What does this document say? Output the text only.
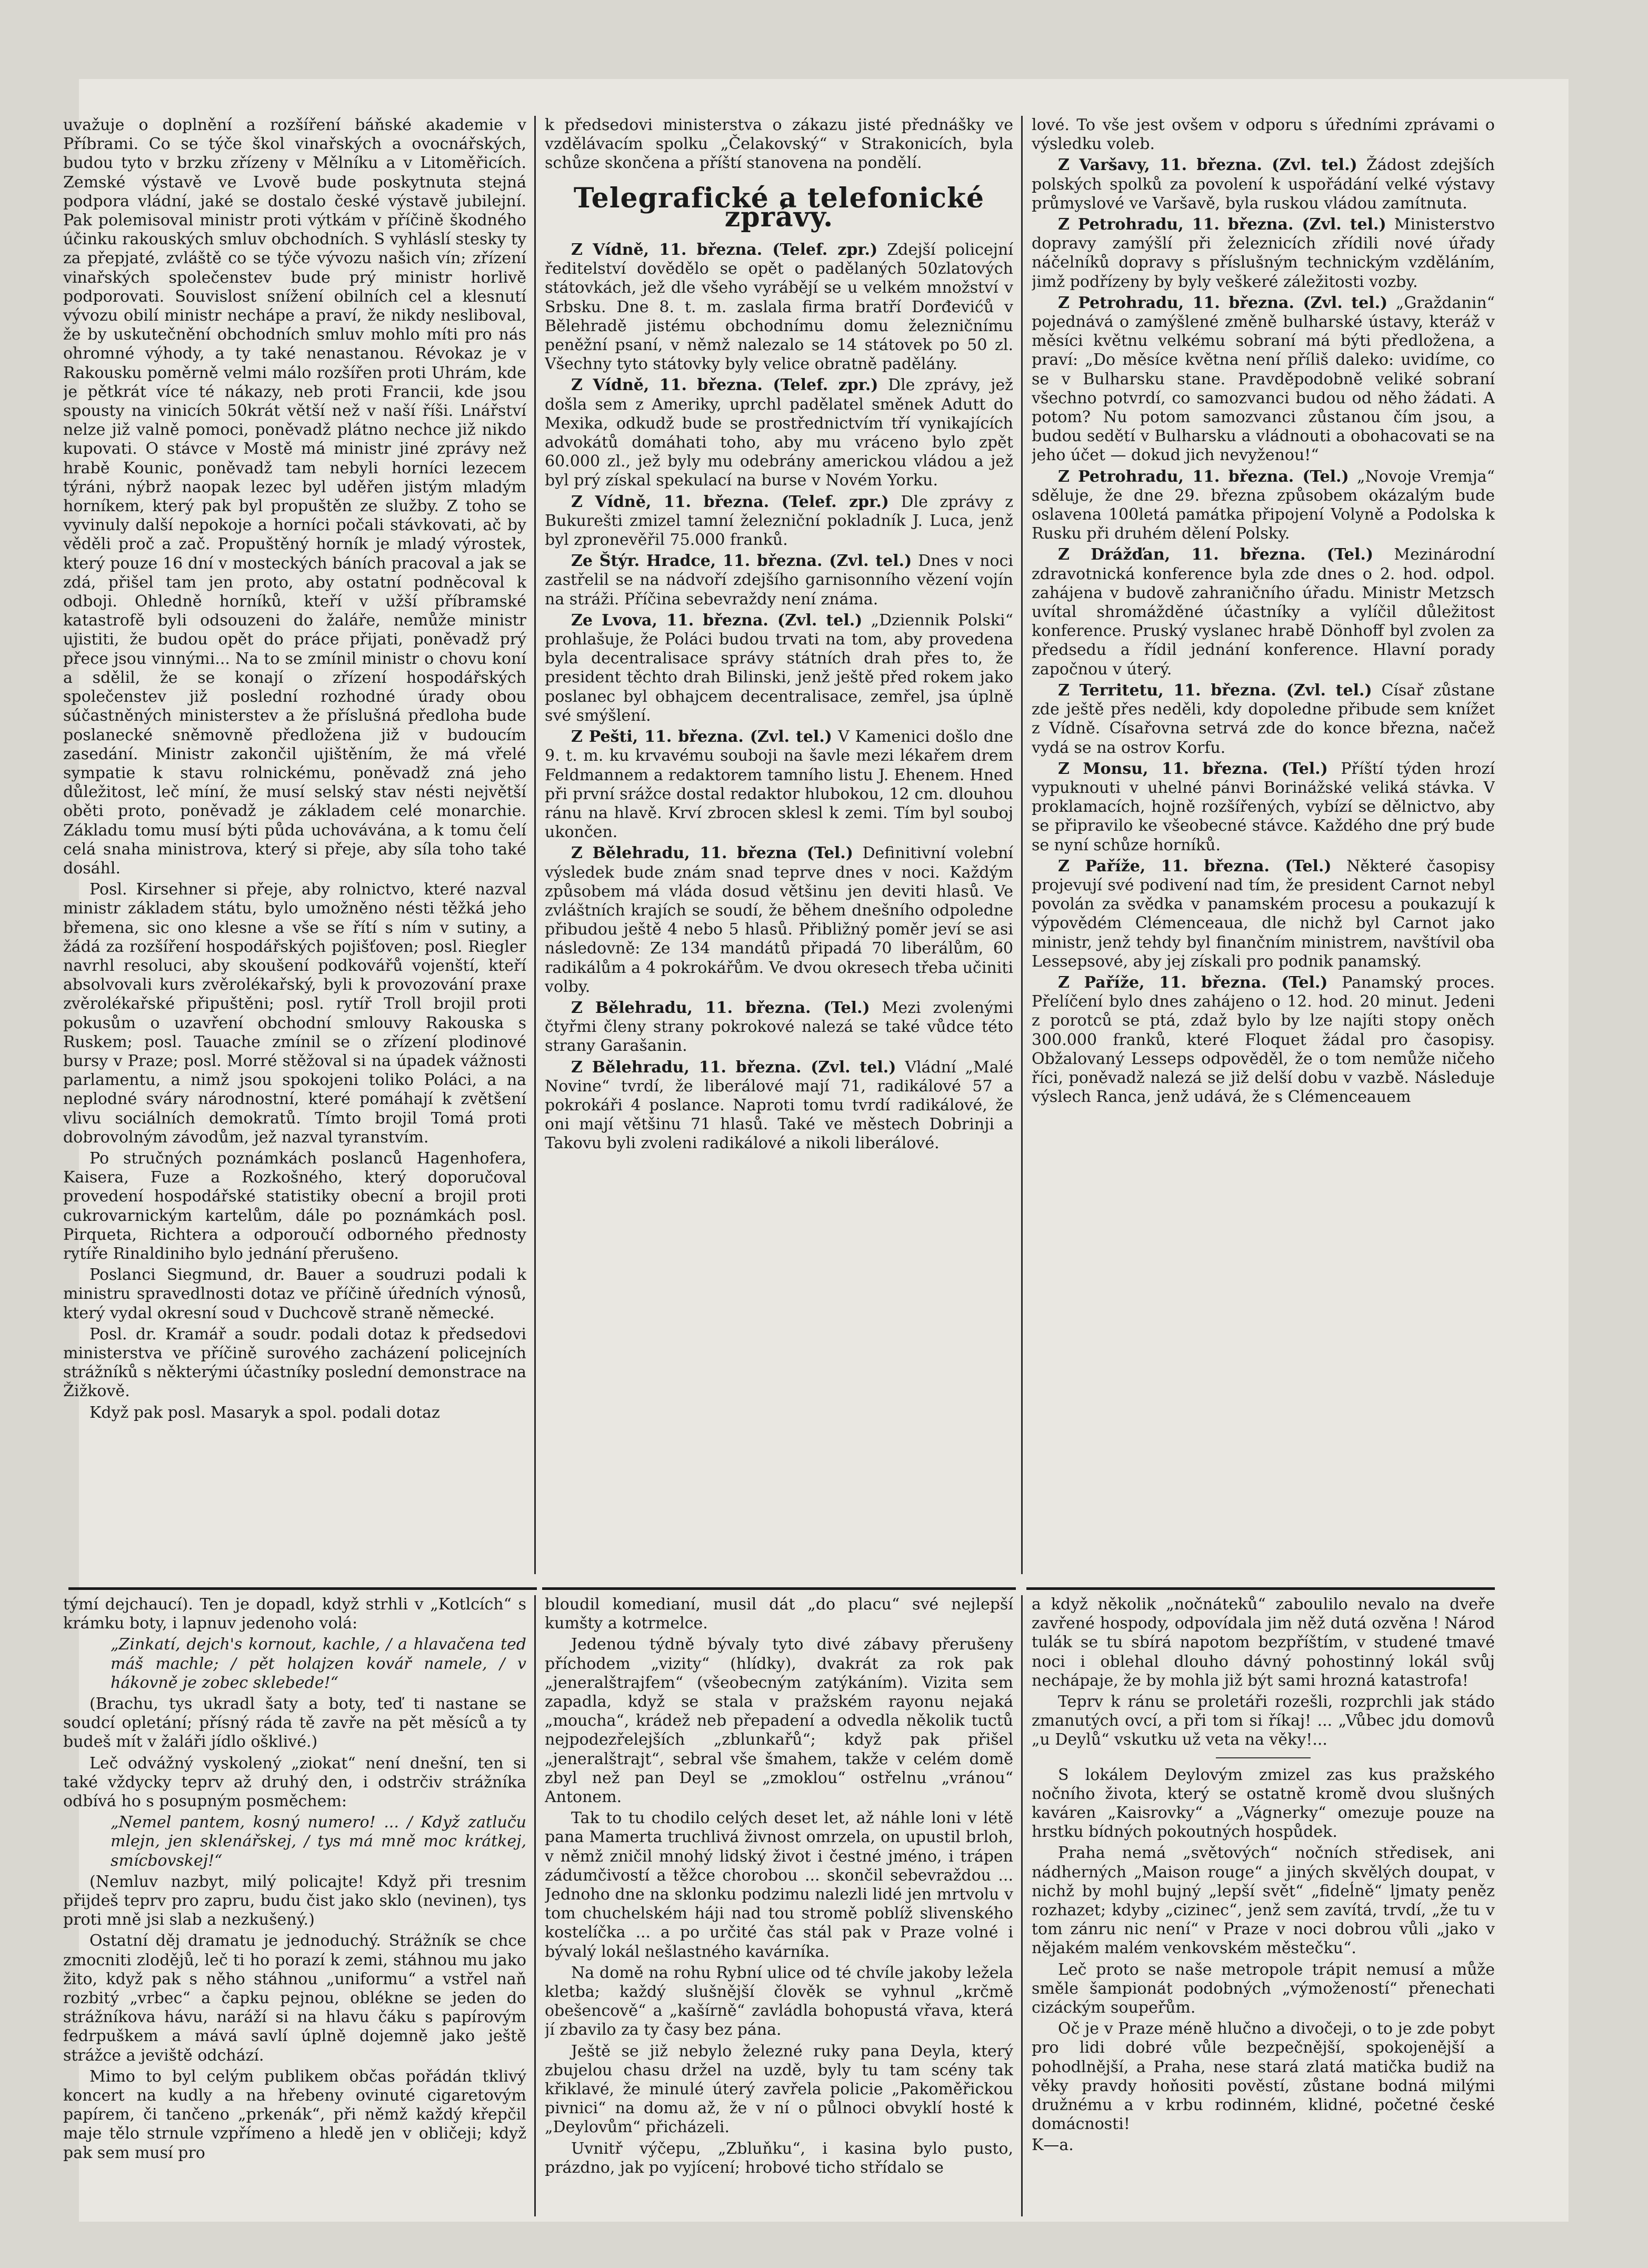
uvažuje o doplnění a rozšíření báňské akademie v Příbrami. Co se týče škol vinařských a ovocnářských, budou tyto v brzku zřízeny v Mělníku a v Litoměřicích. Zemské výstavě ve Lvově bude poskytnuta stejná podpora vládní, jaké se dostalo české výstavě jubilejní. Pak polemisoval ministr proti výtkám v příčině škodného účinku rakouských smluv obchodních. S vyhláslí stesky ty za přepjaté, zvláště co se týče vývozu našich vín; zřízení vinařských společenstev bude prý ministr horlivě podporovati. Souvislost snížení obilních cel a klesnutí vývozu obilí ministr nechápe a praví, že nikdy nesliboval, že by uskutečnění obchodních smluv mohlo míti pro nás ohromné výhody, a ty také nenastanou. Révokaz je v Rakousku poměrně velmi málo rozšířen proti Uhrám, kde je pětkrát více té nákazy, neb proti Francii, kde jsou spousty na vinicích 50krát větší než v naší říši. Lnářství nelze již valně pomoci, poněvadž plátno nechce již nikdo kupovati. O stávce v Mostě má ministr jiné zprávy než hrabě Kounic, poněvadž tam nebyli horníci lezecem týráni, nýbrž naopak lezec byl uděřen jistým mladým horníkem, který pak byl propuštěn ze služby. Z toho se vyvinuly další nepokoje a horníci počali stávkovati, ač by věděli proč a zač. Propuštěný horník je mladý výrostek, který pouze 16 dní v mosteckých báních pracoval a jak se zdá, přišel tam jen proto, aby ostatní podněcoval k odboji. Ohledně horníků, kteří v užší příbramské katastrofě byli odsouzeni do žaláře, nemůže ministr ujistiti, že budou opět do práce přijati, poněvadž prý přece jsou vinnými... Na to se zmínil ministr o chovu koní a sdělil, že se konají o zřízení hospodářských společenstev již poslední rozhodné úrady obou súčastněných ministerstev a že příslušná předloha bude poslanecké sněmovně předložena již v budoucím zasedání. Ministr zakončil ujištěním, že má vřelé sympatie k stavu rolnickému, poněvadž zná jeho důležitost, leč míní, že musí selský stav nésti největší oběti proto, poněvadž je základem celé monarchie. Základu tomu musí býti půda uchovávána, a k tomu čelí celá snaha ministrova, který si přeje, aby síla toho také dosáhl.

Posl. Kirsehner si přeje, aby rolnictvo, které nazval ministr základem státu, bylo umožněno nésti těžká jeho břemena, sic ono klesne a vše se řítí s ním v sutiny, a žádá za rozšíření hospodářských pojišťoven; posl. Riegler navrhl resoluci, aby skoušení podkovářů vojenští, kteří absolvovali kurs zvěrolékařský, byli k provozování praxe zvěrolékařské připuštěni; posl. rytíř Troll brojil proti pokusům o uzavření obchodní smlouvy Rakouska s Ruskem; posl. Tauache zmínil se o zřízení plodinové bursy v Praze; posl. Morré stěžoval si na úpadek vážnosti parlamentu, a nimž jsou spokojeni toliko Poláci, a na neplodné sváry národnostní, které pomáhají k zvětšení vlivu sociálních demokratů. Tímto brojil Tomá proti dobrovolným závodům, jež nazval tyranstvím.

Po stručných poznámkách poslanců Hagenhofera, Kaisera, Fuze a Rozkošného, který doporučoval provedení hospodářské statistiky obecní a brojil proti cukrovarnickým kartelům, dále po poznámkách posl. Pirqueta, Richtera a odporoučí odborného přednosty rytíře Rinaldiniho bylo jednání přerušeno.

Poslanci Siegmund, dr. Bauer a soudruzi podali k ministru spravedlnosti dotaz ve příčině úředních výnosů, který vydal okresní soud v Duchcově straně německé.

Posl. dr. Kramář a soudr. podali dotaz k předsedovi ministerstva ve příčině surového zacházení policejních strážníků s některými účastníky poslední demonstrace na Žižkově.

Když pak posl. Masaryk a spol. podali dotaz

k předsedovi ministerstva o zákazu jisté přednášky ve vzdělávacím spolku „Čelakovský“ v Strakonicích, byla schůze skončena a příští stanovena na pondělí.

Telegrafické a telefonické zprávy.

Z Vídně, 11. března. (Telef. zpr.) Zdejší policejní ředitelství dovědělo se opět o padělaných 50zlatových státovkách, jež dle všeho vyrábějí se u velkém množství v Srbsku. Dne 8. t. m. zaslala firma bratří Dorđevićů v Bělehradě jistému obchodnímu domu železničnímu peněžní psaní, v němž nalezalo se 14 státovek po 50 zl. Všechny tyto státovky byly velice obratně padělány.

Z Vídně, 11. března. (Telef. zpr.) Dle zprávy, jež došla sem z Ameriky, uprchl padělatel směnek Adutt do Mexika, odkudž bude se prostřednictvím tří vynikajících advokátů domáhati toho, aby mu vráceno bylo zpět 60.000 zl., jež byly mu odebrány americkou vládou a jež byl prý získal spekulací na burse v Novém Yorku.

Z Vídně, 11. března. (Telef. zpr.) Dle zprávy z Bukurešti zmizel tamní železniční pokladník J. Luca, jenž byl zpronevěřil 75.000 franků.

Ze Štýr. Hradce, 11. března. (Zvl. tel.) Dnes v noci zastřelil se na nádvoří zdejšího garnisonního vězení vojín na stráži. Příčina sebevraždy není známa.

Ze Lvova, 11. března. (Zvl. tel.) „Dziennik Polski“ prohlašuje, že Poláci budou trvati na tom, aby provedena byla decentralisace správy státních drah přes to, že president těchto drah Bilinski, jenž ještě před rokem jako poslanec byl obhajcem decentralisace, zemřel, jsa úplně své smýšlení.

Z Pešti, 11. března. (Zvl. tel.) V Kamenici došlo dne 9. t. m. ku krvavému souboji na šavle mezi lékařem drem Feldmannem a redaktorem tamního listu J. Ehenem. Hned při první srážce dostal redaktor hlubokou, 12 cm. dlouhou ránu na hlavě. Krví zbrocen sklesl k zemi. Tím byl souboj ukončen.

Z Bělehradu, 11. března (Tel.) Definitivní volební výsledek bude znám snad teprve dnes v noci. Každým způsobem má vláda dosud většinu jen deviti hlasů. Ve zvláštních krajích se soudí, že během dnešního odpoledne přibudou ještě 4 nebo 5 hlasů. Přibližný poměr jeví se asi následovně: Ze 134 mandátů připadá 70 liberálům, 60 radikálům a 4 pokrokářům. Ve dvou okresech třeba učiniti volby.

Z Bělehradu, 11. března. (Tel.) Mezi zvolenými čtyřmi členy strany pokrokové nalezá se také vůdce této strany Garašanin.

Z Bělehradu, 11. března. (Zvl. tel.) Vládní „Malé Novine“ tvrdí, že liberálové mají 71, radikálové 57 a pokrokáři 4 poslance. Naproti tomu tvrdí radikálové, že oni mají většinu 71 hlasů. Také ve městech Dobrinji a Takovu byli zvoleni radikálové a nikoli liberálové.

lové. To vše jest ovšem v odporu s úředními zprávami o výsledku voleb.

Z Varšavy, 11. března. (Zvl. tel.) Žádost zdejších polských spolků za povolení k uspořádání velké výstavy průmyslové ve Varšavě, byla ruskou vládou zamítnuta.

Z Petrohradu, 11. března. (Zvl. tel.) Ministerstvo dopravy zamýšlí při železnicích zřídili nové úřady náčelníků dopravy s příslušným technickým vzděláním, jimž podřízeny by byly veškeré záležitosti vozby.

Z Petrohradu, 11. března. (Zvl. tel.) „Graždanin“ pojednává o zamýšlené změně bulharské ústavy, kteráž v měsíci květnu velkému sobraní má býti předložena, a praví: „Do měsíce května není příliš daleko: uvidíme, co se v Bulharsku stane. Pravděpodobně veliké sobraní všechno potvrdí, co samozvanci budou od něho žádati. A potom? Nu potom samozvanci zůstanou čím jsou, a budou sedětí v Bulharsku a vládnouti a obohacovati se na jeho účet — dokud jich nevyženou!“

Z Petrohradu, 11. března. (Tel.) „Novoje Vremja“ sděluje, že dne 29. března způsobem okázalým bude oslavena 100letá památka připojení Volyně a Podolska k Rusku při druhém dělení Polsky.

Z Drážďan, 11. března. (Tel.) Mezinárodní zdravotnická konference byla zde dnes o 2. hod. odpol. zahájena v budově zahraničního úřadu. Ministr Metzsch uvítal shromážděné účastníky a vylíčil důležitost konference. Pruský vyslanec hrabě Dönhoff byl zvolen za předsedu a řídil jednání konference. Hlavní porady započnou v úterý.

Z Territetu, 11. března. (Zvl. tel.) Císař zůstane zde ještě přes neděli, kdy dopoledne přibude sem knížet z Vídně. Císařovna setrvá zde do konce března, načež vydá se na ostrov Korfu.

Z Monsu, 11. března. (Tel.) Příští týden hrozí vypuknouti v uhelné pánvi Borinážské veliká stávka. V proklamacích, hojně rozšířených, vybízí se dělnictvo, aby se připravilo ke všeobecné stávce. Každého dne prý bude se nyní schůze horníků.

Z Paříže, 11. března. (Tel.) Některé časopisy projevují své podivení nad tím, že president Carnot nebyl povolán za svědka v panamském procesu a poukazují k výpovědém Clémenceaua, dle nichž byl Carnot jako ministr, jenž tehdy byl finančním ministrem, navštívil oba Lessepsové, aby jej získali pro podnik panamský.

Z Paříže, 11. března. (Tel.) Panamský proces. Přelíčení bylo dnes zahájeno o 12. hod. 20 minut. Jedeni z porotců se ptá, zdaž bylo by lze najíti stopy oněch 300.000 franků, které Floquet žádal pro časopisy. Obžalovaný Lesseps odpověděl, že o tom nemůže ničeho říci, poněvadž nalezá se již delší dobu v vazbě. Následuje výslech Ranca, jenž udává, že s Clémenceauem

týmí dejchaucí). Ten je dopadl, když strhli v „Kotlcích“ s krámku boty, i lapnuv jedenoho volá:

„Zinkatí, dejch's kornout, kachle, / a hlavačena teď máš machle; / pět holajzen kovář namele, / v hákovně je zobec sklebede!“

(Brachu, tys ukradl šaty a boty, teď ti nastane se soudcí opletání; přísný ráda tě zavře na pět měsíců a ty budeš mít v žaláři jídlo ošklivé.)

Leč odvážný vyskolený „ziokat“ není dnešní, ten si také vždycky teprv až druhý den, i odstrčiv strážníka odbívá ho s posupným posměchem:

„Nemel pantem, kosný numero! ... / Když zatluču mlejn, jen sklenářskej, / tys má mně moc krátkej, smícbovskej!“

(Nemluv nazbyt, milý policajte! Když při tresnim přijdeš teprv pro zapru, budu čist jako sklo (nevinen), tys proti mně jsi slab a nezkušený.)

Ostatní děj dramatu je jednoduchý. Strážník se chce zmocniti zlodějů, leč ti ho porazí k zemi, stáhnou mu jako žito, když pak s něho stáhnou „uniformu“ a vstřel naň rozbitý „vrbec“ a čapku pejnou, oblékne se jeden do strážníkova hávu, naráží si na hlavu čáku s papírovým fedrpuškem a mává savlí úplně dojemně jako ještě strážce a jeviště odchází.

Mimo to byl celým publikem občas pořádán tklivý koncert na kudly a na hřebeny ovinuté cigaretovým papírem, či tančeno „prkenák“, při němž každý křepčil maje tělo strnule vzpřímeno a hledě jen v obličeji; když pak sem musí pro

bloudil komedianí, musil dát „do placu“ své nejlepší kumšty a kotrmelce.

Jedenou týdně bývaly tyto divé zábavy přerušeny příchodem „vizity“ (hlídky), dvakrát za rok pak „jeneralštrajfem“ (všeobecným zatýkáním). Vizita sem zapadla, když se stala v pražském rayonu nejaká „moucha“, krádež neb přepadení a odvedla několik tuctů nejpodezřelejších „zblunkařů“; když pak přišel „jeneralštrajt“, sebral vše šmahem, takže v celém domě zbyl než pan Deyl se „zmoklou“ ostřelnu „vránou“ Antonem.

Tak to tu chodilo celých deset let, až náhle loni v létě pana Mamerta truchlivá živnost omrzela, on upustil brloh, v němž zničil mnohý lidský život i čestné jméno, i trápen zádumčivostí a těžce chorobou ... skončil sebevraždou ... Jednoho dne na sklonku podzimu nalezli lidé jen mrtvolu v tom chuchelském háji nad tou stromě poblíž slivenského kostelíčka ... a po určité čas stál pak v Praze volné i bývalý lokál nešlastného kavárníka.

Na domě na rohu Rybní ulice od té chvíle jakoby ležela kletba; každý slušnější člověk se vyhnul „krčmě obešencově“ a „kašírně“ zavládla bohopustá vřava, která jí zbavilo za ty časy bez pána.

Ještě se již nebylo železné ruky pana Deyla, který zbujelou chasu držel na uzdě, byly tu tam scény tak křiklavé, že minulé úterý zavřela policie „Pakoměřickou pivnici“ na domu až, že v ní o půlnoci obvyklí hosté k „Deylovům“ přicházeli.

Uvnitř výčepu, „Zbluňku“, i kasina bylo pusto, prázdno, jak po vyjícení; hrobové ticho střídalo se

a když několik „nočnáteků“ zaboulilo nevalo na dveře zavřené hospody, odpovídala jim něž dutá ozvěna ! Národ tulák se tu sbírá napotom bezpříštím, v studené tmavé noci i oblehal dlouho dávný pohostinný lokál svůj nechápaje, že by mohla již být sami hrozná katastrofa!

Teprv k ránu se proletáři rozešli, rozprchli jak stádo zmanutých ovcí, a při tom si říkaj! ... „Vůbec jdu domovů „u Deylů“ vskutku už veta na věky!...

S lokálem Deylovým zmizel zas kus pražského nočního života, který se ostatně kromě dvou slušných kaváren „Kaisrovky“ a „Vágnerky“ omezuje pouze na hrstku bídných pokoutných hospůdek.

Praha nemá „světových“ nočních středisek, ani nádherných „Maison rouge“ a jiných skvělých doupat, v nichž by mohl bujný „lepší svět“ „fideĺně“ ljmaty peněz rozhazet; kdyby „cizinec“, jenž sem zavítá, trvdí, „že tu v tom zánru nic není“ v Praze v noci dobrou vůli „jako v nějakém malém venkovském městečku“.

Leč proto se naše metropole trápit nemusí a může směle šampionát podobných „výmožeností“ přenechati cizáckým soupeřům.

Oč je v Praze méně hlučno a divočeji, o to je zde pobyt pro lidi dobré vůle bezpečnější, spokojenější a pohodlnější, a Praha, nese stará zlatá matička budiž na věky pravdy hoňositi pověstí, zůstane bodná milými družnému a v krbu rodinném, klidné, početné české domácnosti!

K—a.
